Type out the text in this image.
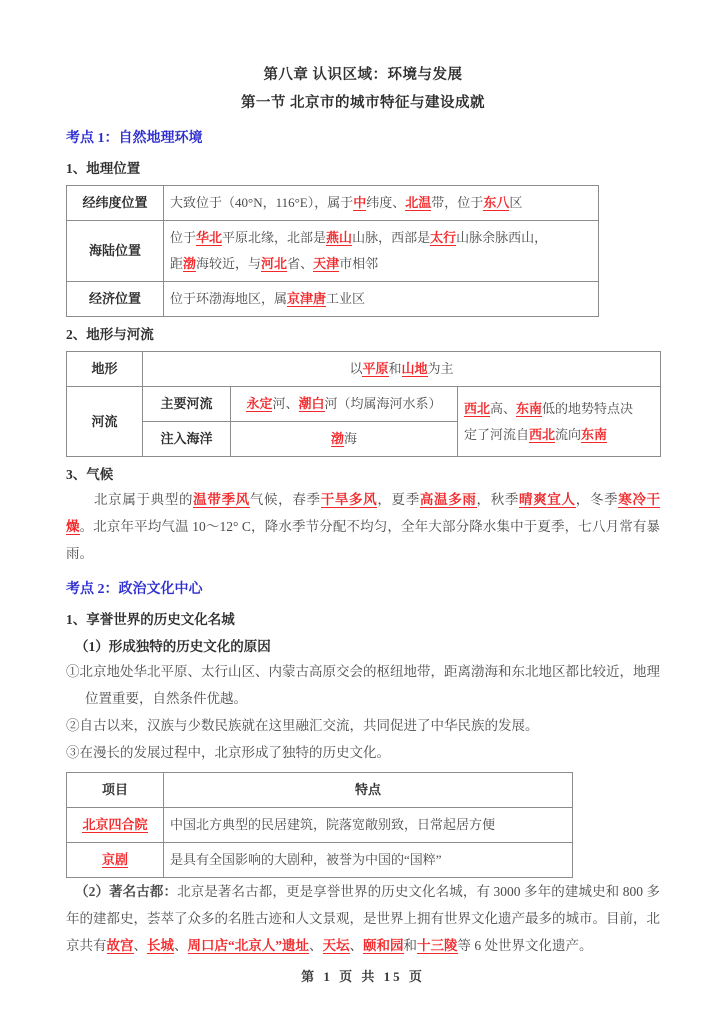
第八章 认识区域：环境与发展
第一节 北京市的城市特征与建设成就
考点 1：自然地理环境
1、地理位置
经纬度位置	大致位于（40°N，116°E），属于中纬度、北温带，位于东八区

海陆位置	位于华北平原北缘，北部是燕山山脉，西部是太行山脉余脉西山，
距渤海较近，与河北省、天津市相邻

经济位置	位于环渤海地区，属京津唐工业区
2、地形与河流
地形	以平原和山地为主		
河流	主要河流	永定河、潮白河（均属海河水系）	西北高、东南低的地势特点决
定了河流自西北流向东南

	注入海洋	渤海	
3、气候
北京属于典型的温带季风气候，春季干旱多风，夏季高温多雨，秋季晴爽宜人，冬季寒冷干燥。北京年平均气温 10～12° C，降水季节分配不均匀，全年大部分降水集中于夏季，七八月常有暴雨。
考点 2：政治文化中心
1、享誉世界的历史文化名城
（1）形成独特的历史文化的原因
①北京地处华北平原、太行山区、内蒙古高原交会的枢纽地带，距离渤海和东北地区都比较近，地理位置重要，自然条件优越。
②自古以来，汉族与少数民族就在这里融汇交流，共同促进了中华民族的发展。
③在漫长的发展过程中，北京形成了独特的历史文化。
项目	特点
北京四合院	中国北方典型的民居建筑，院落宽敞别致，日常起居方便
京剧	是具有全国影响的大剧种，被誉为中国的“国粹”
（2）著名古都：北京是著名古都，更是享誉世界的历史文化名城，有 3000 多年的建城史和 800 多年的建都史，荟萃了众多的名胜古迹和人文景观，是世界上拥有世界文化遗产最多的城市。目前，北京共有故宫、长城、周口店“北京人”遗址、天坛、颐和园和十三陵等 6 处世界文化遗产。
第 1 页 共 15 页
